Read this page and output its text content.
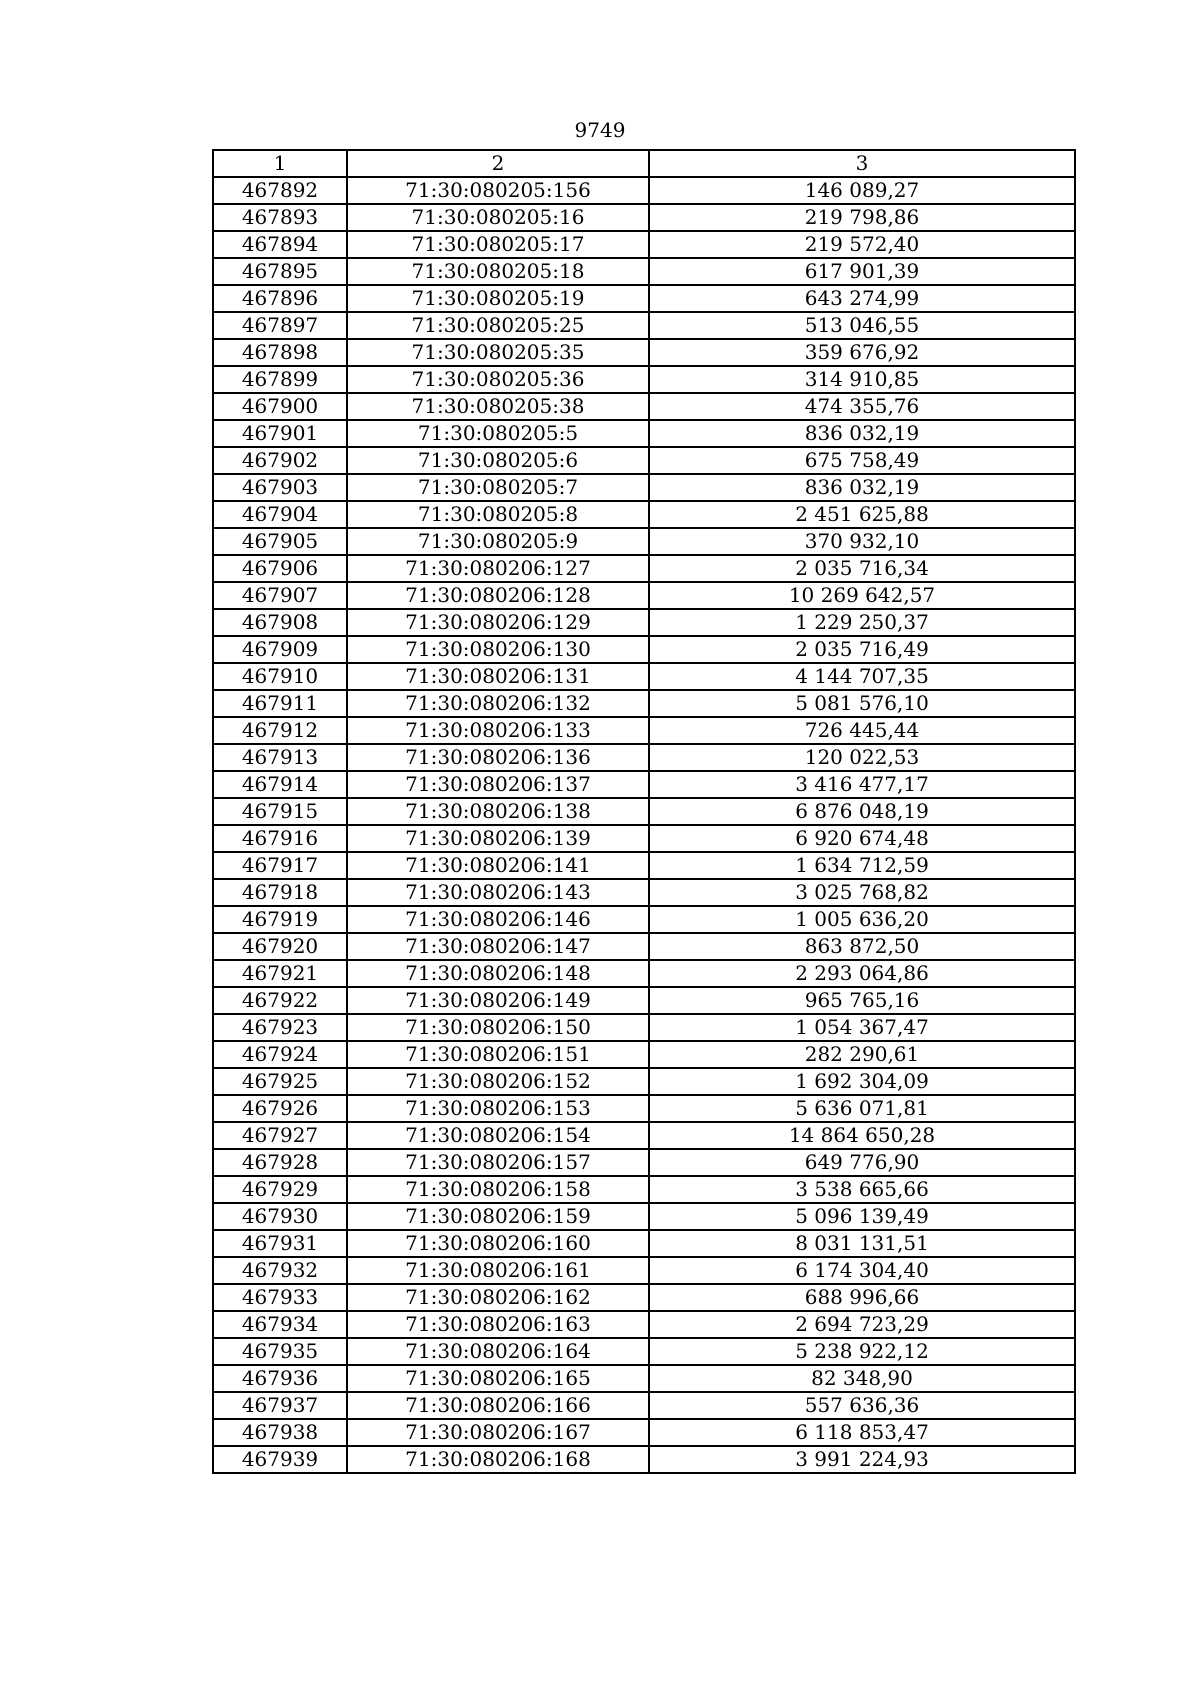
9749
1	2	3
467892	71:30:080205:156	146 089,27
467893	71:30:080205:16	219 798,86
467894	71:30:080205:17	219 572,40
467895	71:30:080205:18	617 901,39
467896	71:30:080205:19	643 274,99
467897	71:30:080205:25	513 046,55
467898	71:30:080205:35	359 676,92
467899	71:30:080205:36	314 910,85
467900	71:30:080205:38	474 355,76
467901	71:30:080205:5	836 032,19
467902	71:30:080205:6	675 758,49
467903	71:30:080205:7	836 032,19
467904	71:30:080205:8	2 451 625,88
467905	71:30:080205:9	370 932,10
467906	71:30:080206:127	2 035 716,34
467907	71:30:080206:128	10 269 642,57
467908	71:30:080206:129	1 229 250,37
467909	71:30:080206:130	2 035 716,49
467910	71:30:080206:131	4 144 707,35
467911	71:30:080206:132	5 081 576,10
467912	71:30:080206:133	726 445,44
467913	71:30:080206:136	120 022,53
467914	71:30:080206:137	3 416 477,17
467915	71:30:080206:138	6 876 048,19
467916	71:30:080206:139	6 920 674,48
467917	71:30:080206:141	1 634 712,59
467918	71:30:080206:143	3 025 768,82
467919	71:30:080206:146	1 005 636,20
467920	71:30:080206:147	863 872,50
467921	71:30:080206:148	2 293 064,86
467922	71:30:080206:149	965 765,16
467923	71:30:080206:150	1 054 367,47
467924	71:30:080206:151	282 290,61
467925	71:30:080206:152	1 692 304,09
467926	71:30:080206:153	5 636 071,81
467927	71:30:080206:154	14 864 650,28
467928	71:30:080206:157	649 776,90
467929	71:30:080206:158	3 538 665,66
467930	71:30:080206:159	5 096 139,49
467931	71:30:080206:160	8 031 131,51
467932	71:30:080206:161	6 174 304,40
467933	71:30:080206:162	688 996,66
467934	71:30:080206:163	2 694 723,29
467935	71:30:080206:164	5 238 922,12
467936	71:30:080206:165	82 348,90
467937	71:30:080206:166	557 636,36
467938	71:30:080206:167	6 118 853,47
467939	71:30:080206:168	3 991 224,93
